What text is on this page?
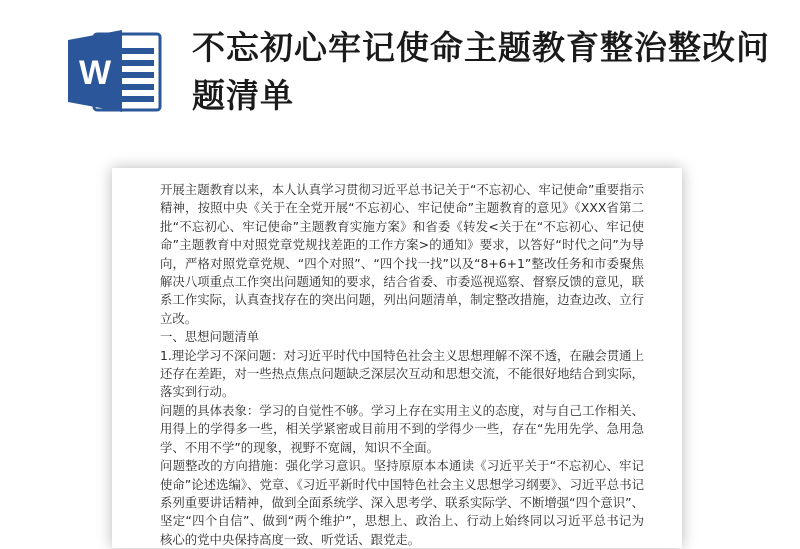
W
不忘初心牢记使命主题教育整治整改问题清单

开展主题教育以来，本人认真学习贯彻习近平总书记关于“不忘初心、牢记使命”重要指示精神，按照中央《关于在全党开展“不忘初心、牢记使命”主题教育的意见》《XXX省第二批“不忘初心、牢记使命”主题教育实施方案》和省委《转发<关于在“不忘初心、牢记使命”主题教育中对照党章党规找差距的工作方案>的通知》要求，以答好“时代之问”为导向，严格对照党章党规、“四个对照”、“四个找一找”以及“8+6+1”整改任务和市委聚焦解决八项重点工作突出问题通知的要求，结合省委、市委巡视巡察、督察反馈的意见，联系工作实际，认真查找存在的突出问题，列出问题清单，制定整改措施，边查边改、立行立改。

一、思想问题清单

1.理论学习不深问题：对习近平时代中国特色社会主义思想理解不深不透，在融会贯通上还存在差距，对一些热点焦点问题缺乏深层次互动和思想交流，不能很好地结合到实际，落实到行动。

问题的具体表象：学习的自觉性不够。学习上存在实用主义的态度，对与自己工作相关、用得上的学得多一些，相关学紧密或目前用不到的学得少一些，存在“先用先学、急用急学、不用不学”的现象，视野不宽阔，知识不全面。

问题整改的方向措施：强化学习意识。坚持原原本本通读《习近平关于“不忘初心、牢记使命”论述选编》、党章、《习近平新时代中国特色社会主义思想学习纲要》、习近平总书记系列重要讲话精神，做到全面系统学、深入思考学、联系实际学、不断增强“四个意识”、坚定“四个自信”、做到“两个维护”，思想上、政治上、行动上始终同以习近平总书记为核心的党中央保持高度一致、听党话、跟党走。
